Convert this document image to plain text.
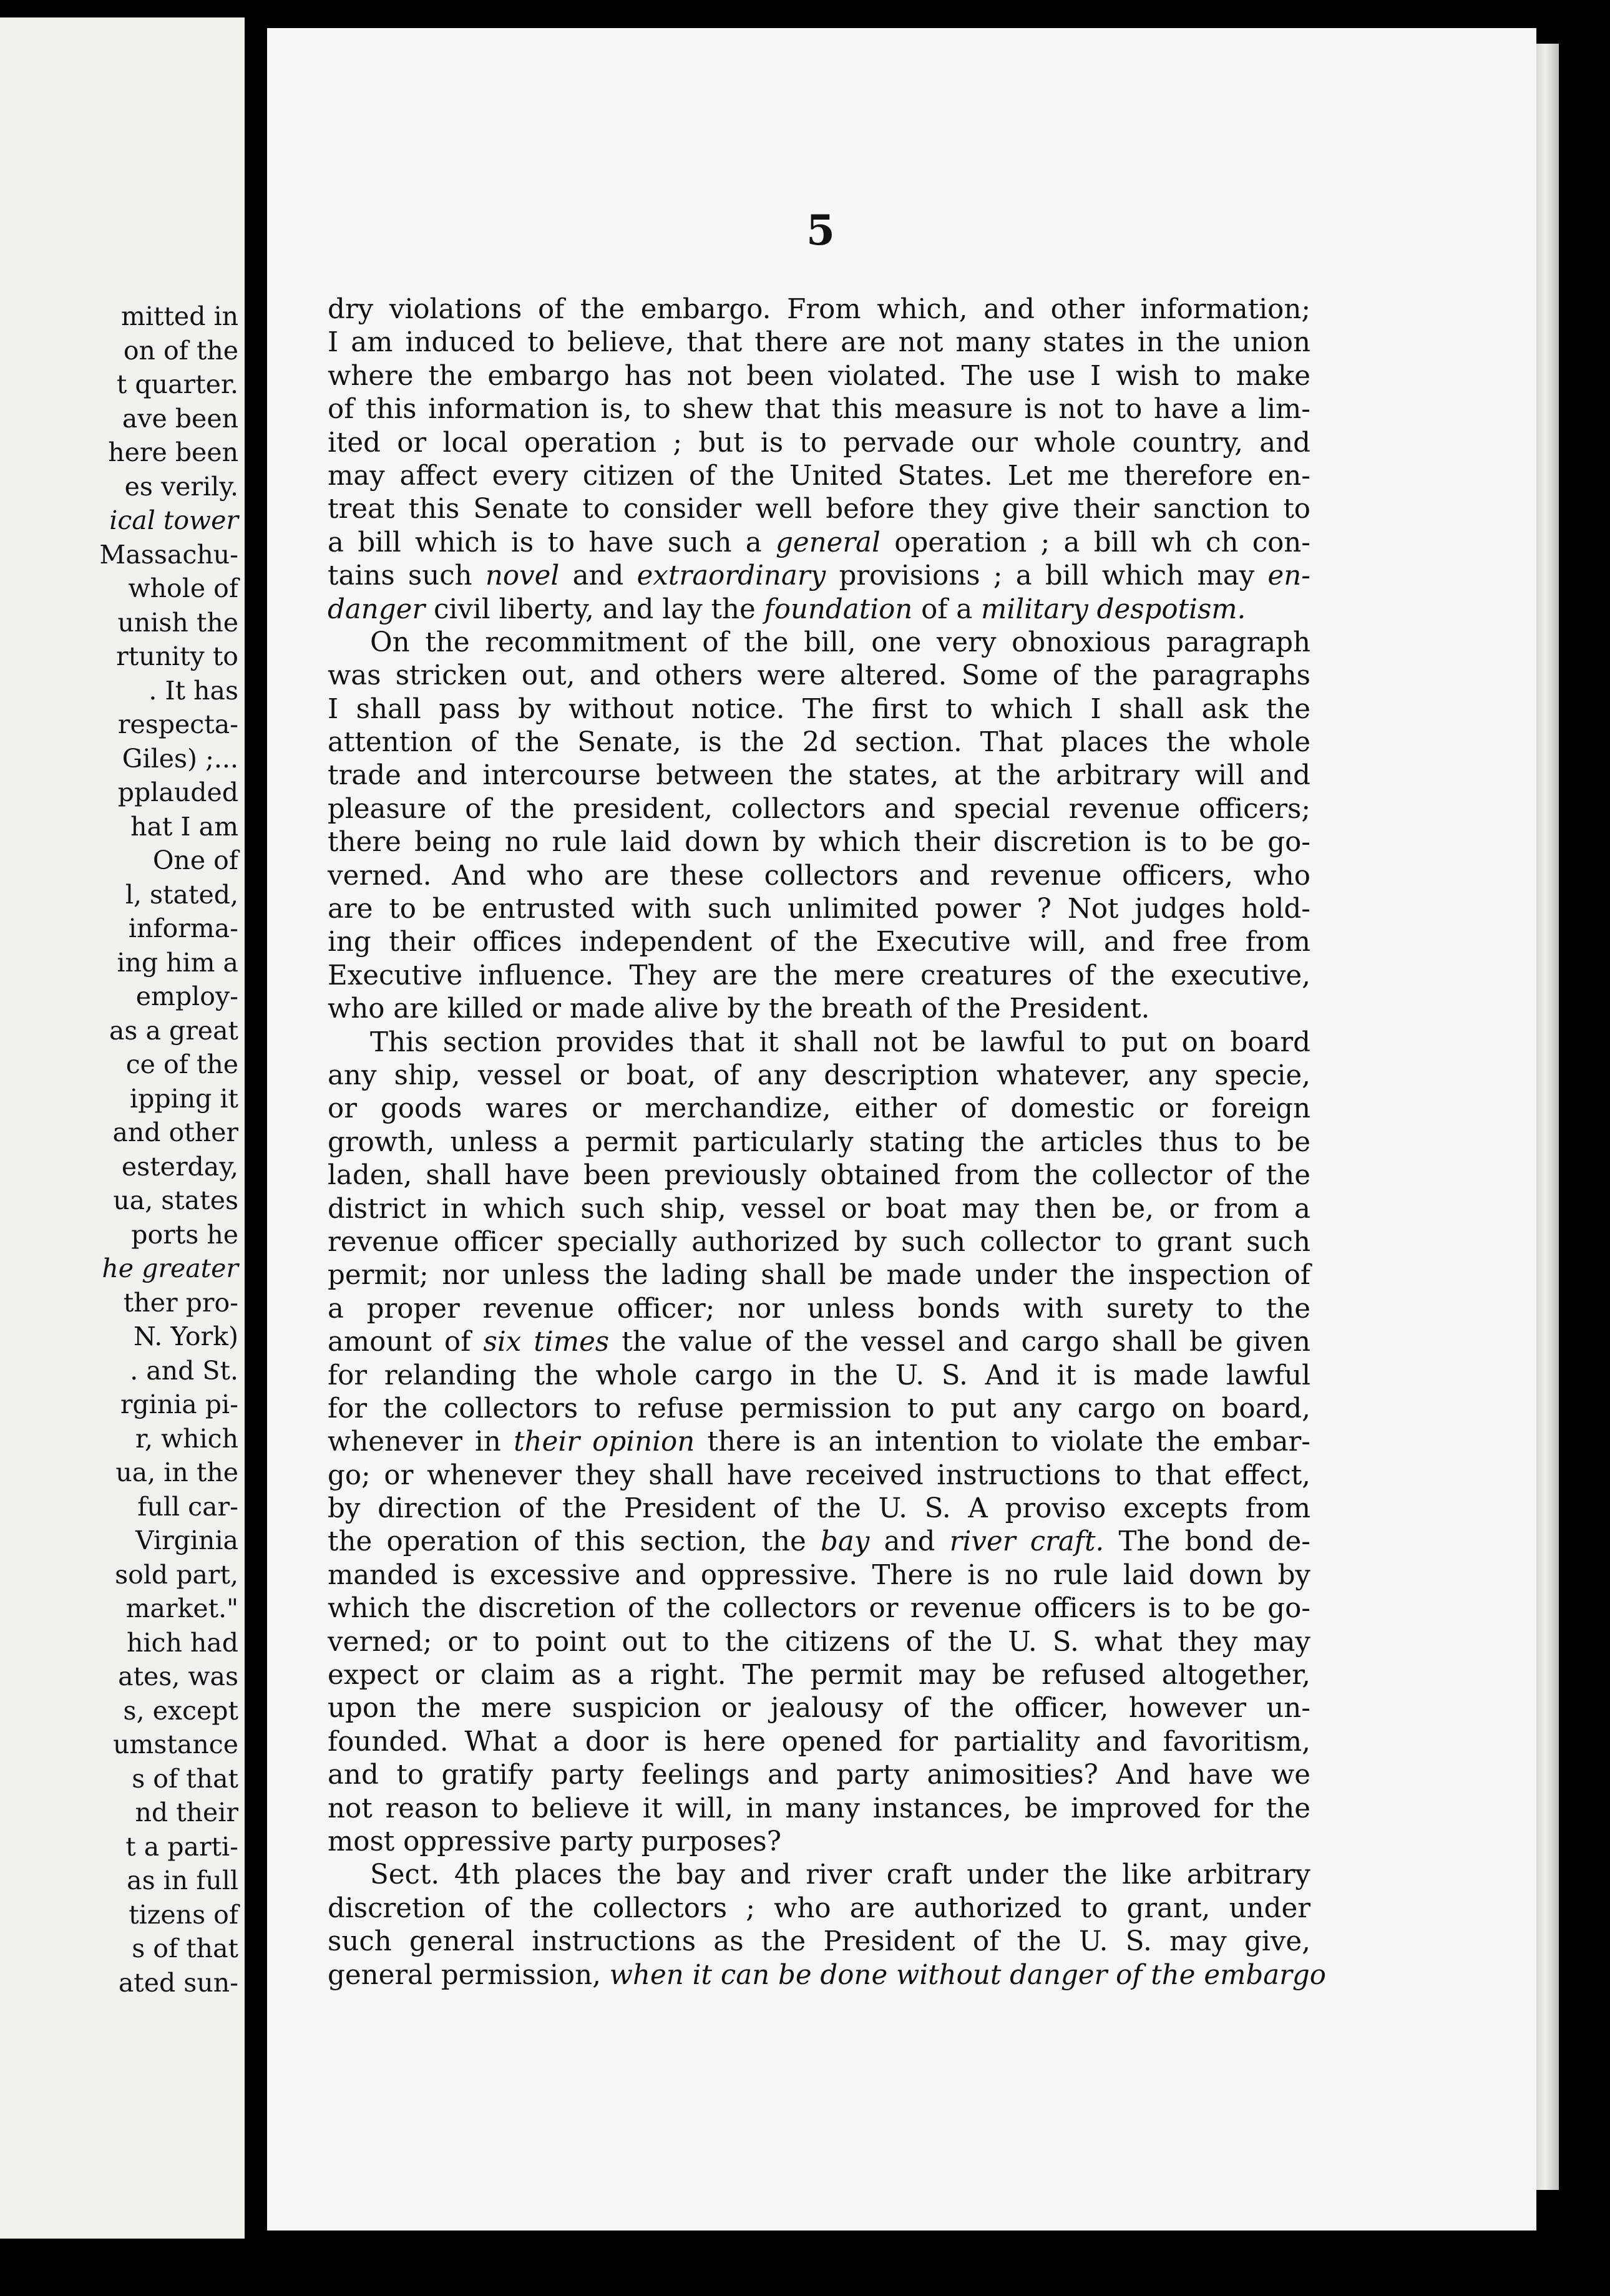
mitted in
on of the
t quarter.
ave been
here been
es verily.
ical tower
Massachu-
whole of
unish the
rtunity to
. It has
respecta-
Giles) ;...
pplauded
hat I am
One of
l, stated,
informa-
ing him a
employ-
as a great
ce of the
ipping it
and other
esterday,
ua, states
ports he
he greater
ther pro-
N. York)
. and St.
rginia pi-
r, which
ua, in the
full car-
Virginia
sold part,
market."
hich had
ates, was
s, except
umstance
s of that
nd their
t a parti-
as in full
tizens of
s of that
ated sun-
5
dry violations of the embargo. From which, and other information;
I am induced to believe, that there are not many states in the union
where the embargo has not been violated. The use I wish to make
of this information is, to shew that this measure is not to have a lim-
ited or local operation ; but is to pervade our whole country, and
may affect every citizen of the United States. Let me therefore en-
treat this Senate to consider well before they give their sanction to
a bill which is to have such a general operation ; a bill wh ch con-
tains such novel and extraordinary provisions ; a bill which may en-
danger civil liberty, and lay the foundation of a military despotism.
On the recommitment of the bill, one very obnoxious paragraph
was stricken out, and others were altered. Some of the paragraphs
I shall pass by without notice. The first to which I shall ask the
attention of the Senate, is the 2d section. That places the whole
trade and intercourse between the states, at the arbitrary will and
pleasure of the president, collectors and special revenue officers;
there being no rule laid down by which their discretion is to be go-
verned. And who are these collectors and revenue officers, who
are to be entrusted with such unlimited power ? Not judges hold-
ing their offices independent of the Executive will, and free from
Executive influence. They are the mere creatures of the executive,
who are killed or made alive by the breath of the President.
This section provides that it shall not be lawful to put on board
any ship, vessel or boat, of any description whatever, any specie,
or goods wares or merchandize, either of domestic or foreign
growth, unless a permit particularly stating the articles thus to be
laden, shall have been previously obtained from the collector of the
district in which such ship, vessel or boat may then be, or from a
revenue officer specially authorized by such collector to grant such
permit; nor unless the lading shall be made under the inspection of
a proper revenue officer; nor unless bonds with surety to the
amount of six times the value of the vessel and cargo shall be given
for relanding the whole cargo in the U. S. And it is made lawful
for the collectors to refuse permission to put any cargo on board,
whenever in their opinion there is an intention to violate the embar-
go; or whenever they shall have received instructions to that effect,
by direction of the President of the U. S. A proviso excepts from
the operation of this section, the bay and river craft. The bond de-
manded is excessive and oppressive. There is no rule laid down by
which the discretion of the collectors or revenue officers is to be go-
verned; or to point out to the citizens of the U. S. what they may
expect or claim as a right. The permit may be refused altogether,
upon the mere suspicion or jealousy of the officer, however un-
founded. What a door is here opened for partiality and favoritism,
and to gratify party feelings and party animosities? And have we
not reason to believe it will, in many instances, be improved for the
most oppressive party purposes?
Sect. 4th places the bay and river craft under the like arbitrary
discretion of the collectors ; who are authorized to grant, under
such general instructions as the President of the U. S. may give,
general permission, when it can be done without danger of the embargo
